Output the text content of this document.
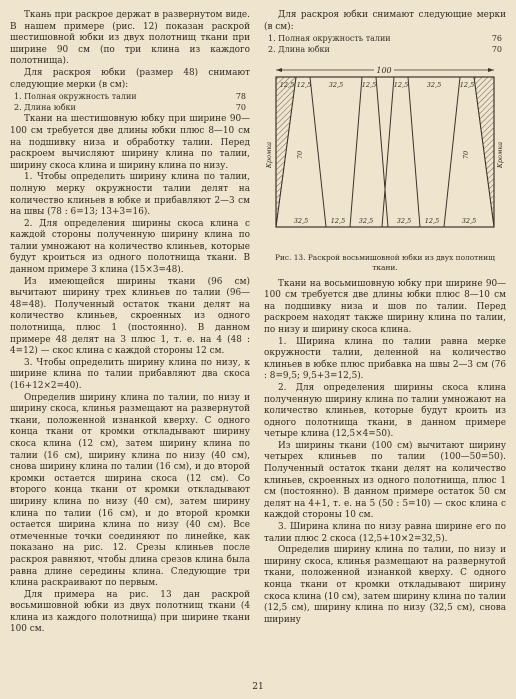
Ткань при раскрое держат в развернутом виде. В нашем примере (рис. 12) показан раскрой шестишовной юбки из двух полотнищ ткани при ширине 90 см (по три клина из каждого полотнища).

Для раскроя юбки (размер 48) снимают следующие мерки (в см):

1. Полная окружность талии	78
2. Длина юбки	70

Ткани на шестишовную юбку при ширине 90—100 см требуется две длины юбки плюс 8—10 см на подшивку низа и обработку талии. Перед раскроем вычисляют ширину клина по талии, ширину скоса клина и ширину клина по низу.

1. Чтобы определить ширину клина по талии, полную мерку окружности талии делят на количество клиньев в юбке и прибавляют 2—3 см на швы (78 : 6=13; 13+3=16).

2. Для определения ширины скоса клина с каждой стороны полученную ширину клина по талии умножают на количество клиньев, которые будут кроиться из одного полотнища ткани. В данном примере 3 клина (15×3=48).

Из имеющейся ширины ткани (96 см) вычитают ширину трех клиньев по талии (96—48=48). Полученный остаток ткани делят на количество клиньев, скроенных из одного полотнища, плюс 1 (постоянно). В данном примере 48 делят на 3 плюс 1, т. е. на 4 (48 : 4=12) — скос клина с каждой стороны 12 см.

3. Чтобы определить ширину клина по низу, к ширине клина по талии прибавляют два скоса (16+12×2=40).

Определив ширину клина по талии, по низу и ширину скоса, клинья размещают на развернутой ткани, положенной изнанкой кверху. С одного конца ткани от кромки откладывают ширину скоса клина (12 см), затем ширину клина по талии (16 см), ширину клина по низу (40 см), снова ширину клина по талии (16 см), и до второй кромки остается ширина скоса (12 см). Со второго конца ткани от кромки откладывают ширину клина по низу (40 см), затем ширину клина по талии (16 см), и до второй кромки остается ширина клина по низу (40 см). Все отмеченные точки соединяют по линейке, как показано на рис. 12. Срезы клиньев после раскроя равняют, чтобы длина срезов клина была равна длине середины клина. Следующие три клина раскраивают по первым.

Для примера на рис. 13 дан раскрой восьмишовной юбки из двух полотнищ ткани (4 клина из каждого полотнища) при ширине ткани 100 см.

Для раскроя юбки снимают следующие мерки (в см):

1. Полная окружность талии	76
2. Длина юбки	70
100
12,5 12,5	32,5	12,5	12,5	32,5	12,5
32,5	12,5 32,5	32,5 12,5	32,5
70	70
Кромка	Кромка
Рис. 13. Раскрой восьмишовной юбки из двух полотнищ ткани.

Ткани на восьмишовную юбку при ширине 90—100 см требуется две длины юбки плюс 8—10 см на подшивку низа и шов по талии. Перед раскроем находят также ширину клина по талии, по низу и ширину скоса клина.

1. Ширина клина по талии равна мерке окружности талии, деленной на количество клиньев в юбке плюс прибавка на швы 2—3 см (76 : 8=9,5; 9,5+3=12,5).

2. Для определения ширины скоса клина полученную ширину клина по талии умножают на количество клиньев, которые будут кроить из одного полотнища ткани, в данном примере четыре клина (12,5×4=50).

Из ширины ткани (100 см) вычитают ширину четырех клиньев по талии (100—50=50). Полученный остаток ткани делят на количество клиньев, скроенных из одного полотнища, плюс 1 см (постоянно). В данном примере остаток 50 см делят на 4+1, т. е. на 5 (50 : 5=10) — скос клина с каждой стороны 10 см.

3. Ширина клина по низу равна ширине его по талии плюс 2 скоса (12,5+10×2=32,5).

Определив ширину клина по талии, по низу и ширину скоса, клинья размещают на развернутой ткани, положенной изнанкой кверху. С одного конца ткани от кромки откладывают ширину скоса клина (10 см), затем ширину клина по талии (12,5 см), ширину клина по низу (32,5 см), снова ширину

21
